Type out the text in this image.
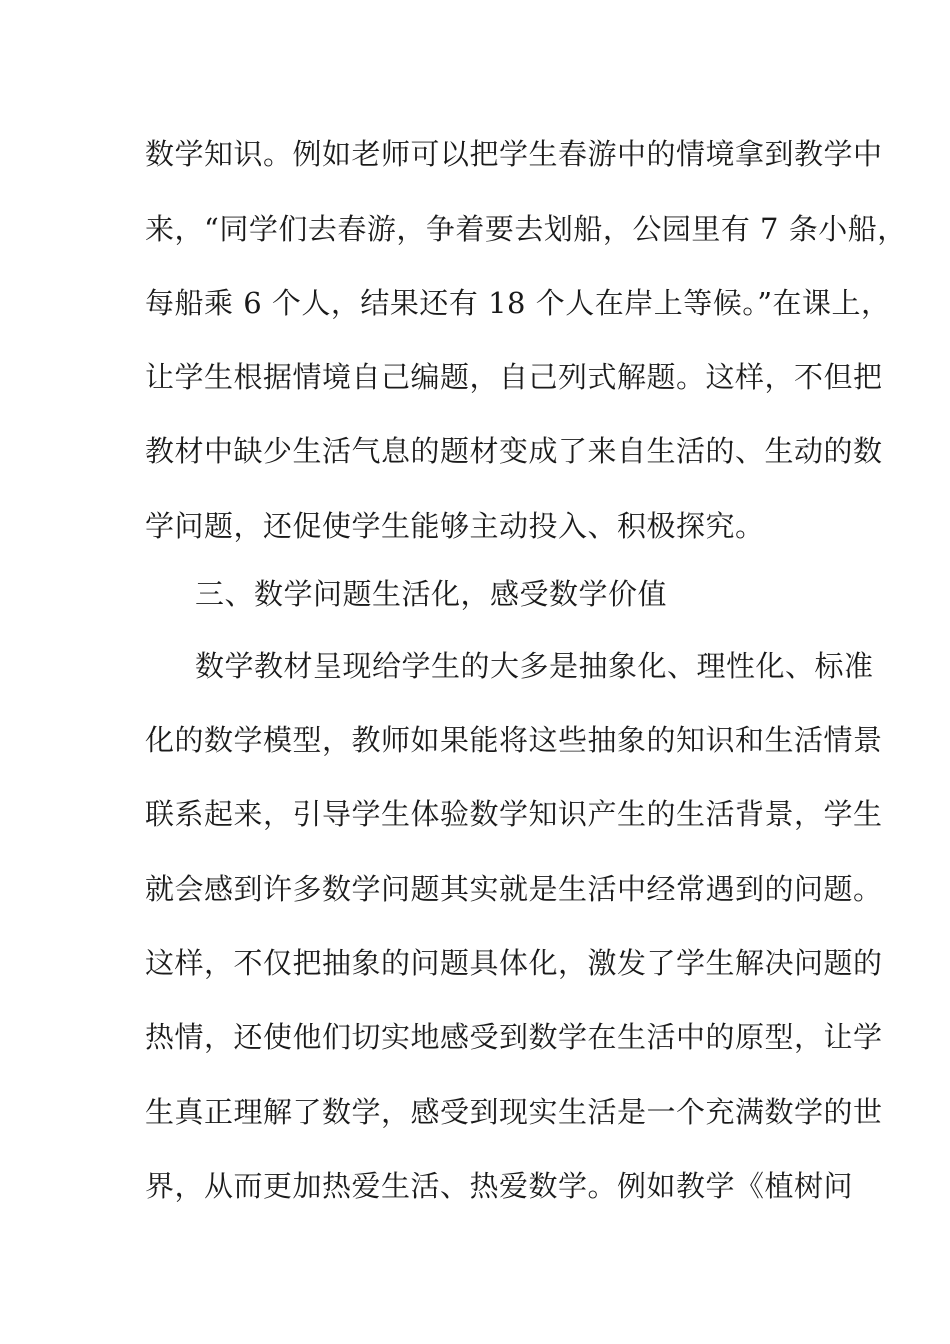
数学知识。例如老师可以把学生春游中的情境拿到教学中
来，“同学们去春游，争着要去划船，公园里有 7 条小船，
每船乘 6 个人，结果还有 18 个人在岸上等候。”在课上，
让学生根据情境自己编题，自己列式解题。这样，不但把
教材中缺少生活气息的题材变成了来自生活的、生动的数
学问题，还促使学生能够主动投入、积极探究。
三、数学问题生活化，感受数学价值
数学教材呈现给学生的大多是抽象化、理性化、标准
化的数学模型，教师如果能将这些抽象的知识和生活情景
联系起来，引导学生体验数学知识产生的生活背景，学生
就会感到许多数学问题其实就是生活中经常遇到的问题。
这样，不仅把抽象的问题具体化，激发了学生解决问题的
热情，还使他们切实地感受到数学在生活中的原型，让学
生真正理解了数学，感受到现实生活是一个充满数学的世
界，从而更加热爱生活、热爱数学。例如教学《植树问
